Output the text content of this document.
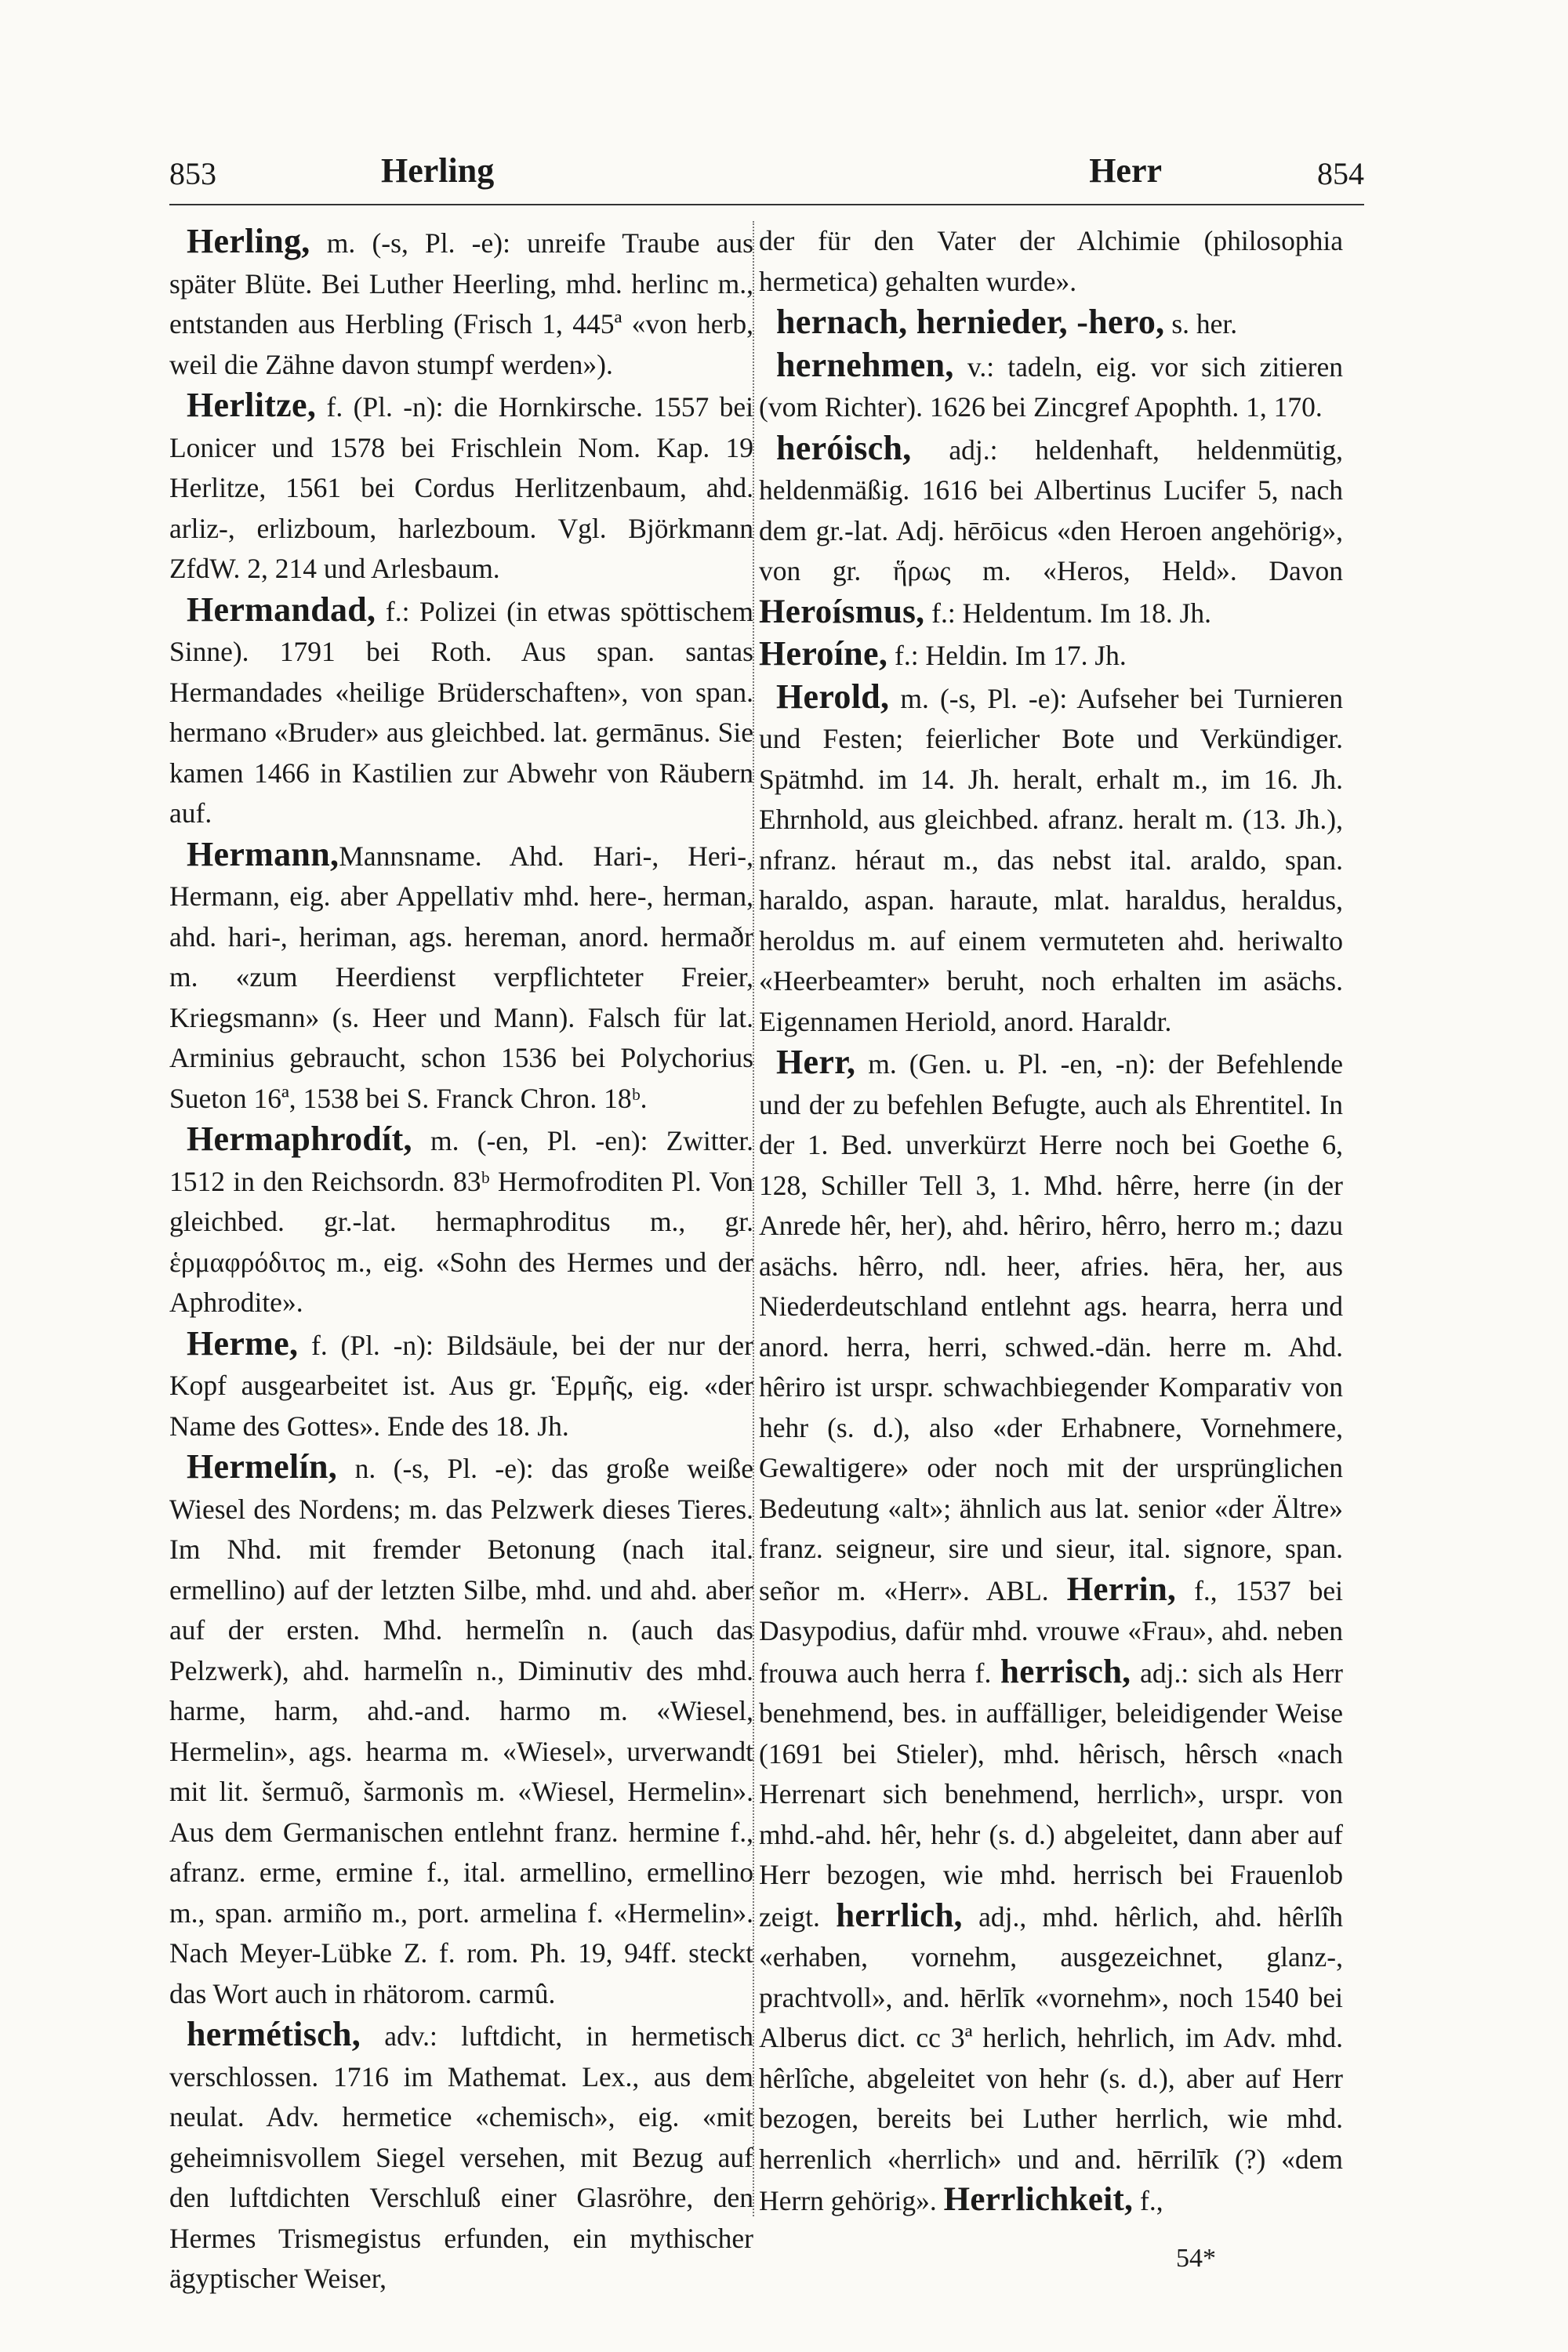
853	Herling	Herr	854

Herling, m. (-s, Pl. -e): unreife Traube aus später Blüte. Bei Luther Heerling, mhd. herlinc m., entstanden aus Herbling (Frisch 1, 445ª «von herb, weil die Zähne davon stumpf werden»).

Herlitze, f. (Pl. -n): die Hornkirsche. 1557 bei Lonicer und 1578 bei Frischlein Nom. Kap. 19 Herlitze, 1561 bei Cordus Herlitzenbaum, ahd. arliz-, erlizboum, harlezboum. Vgl. Björkmann ZfdW. 2, 214 und Arlesbaum.

Hermandad, f.: Polizei (in etwas spöttischem Sinne). 1791 bei Roth. Aus span. santas Hermandades «heilige Brüderschaften», von span. hermano «Bruder» aus gleichbed. lat. germānus. Sie kamen 1466 in Kastilien zur Abwehr von Räubern auf.

Hermann,Mannsname. Ahd. Hari-, Heri-, Hermann, eig. aber Appellativ mhd. here-, herman, ahd. hari-, heriman, ags. hereman, anord. hermaðr m. «zum Heerdienst verpflichteter Freier, Kriegsmann» (s. Heer und Mann). Falsch für lat. Arminius gebraucht, schon 1536 bei Polychorius Sueton 16ª, 1538 bei S. Franck Chron. 18ᵇ.

Hermaphrodít, m. (-en, Pl. -en): Zwitter. 1512 in den Reichsordn. 83ᵇ Hermofroditen Pl. Von gleichbed. gr.-lat. hermaphroditus m., gr. ἑρμαφρόδιτος m., eig. «Sohn des Hermes und der Aphrodite».

Herme, f. (Pl. -n): Bildsäule, bei der nur der Kopf ausgearbeitet ist. Aus gr. Ἑρμῆς, eig. «der Name des Gottes». Ende des 18. Jh.

Hermelín, n. (-s, Pl. -e): das große weiße Wiesel des Nordens; m. das Pelzwerk dieses Tieres. Im Nhd. mit fremder Betonung (nach ital. ermellino) auf der letzten Silbe, mhd. und ahd. aber auf der ersten. Mhd. hermelîn n. (auch das Pelzwerk), ahd. harmelîn n., Diminutiv des mhd. harme, harm, ahd.-and. harmo m. «Wiesel, Hermelin», ags. hearma m. «Wiesel», urverwandt mit lit. šermuõ, šarmonìs m. «Wiesel, Hermelin». Aus dem Germanischen entlehnt franz. hermine f., afranz. erme, ermine f., ital. armellino, ermellino m., span. armiño m., port. armelina f. «Hermelin». Nach Meyer-Lübke Z. f. rom. Ph. 19, 94ff. steckt das Wort auch in rhätorom. carmû.

hermétisch, adv.: luftdicht, in hermetisch verschlossen. 1716 im Mathemat. Lex., aus dem neulat. Adv. hermetice «chemisch», eig. «mit geheimnisvollem Siegel versehen, mit Bezug auf den luftdichten Verschluß einer Glasröhre, den Hermes Trismegistus erfunden, ein mythischer ägyptischer Weiser,

der für den Vater der Alchimie (philosophia hermetica) gehalten wurde».

hernach, hernieder, -hero, s. her.

hernehmen, v.: tadeln, eig. vor sich zitieren (vom Richter). 1626 bei Zincgref Apophth. 1, 170.

heróisch, adj.: heldenhaft, heldenmütig, heldenmäßig. 1616 bei Albertinus Lucifer 5, nach dem gr.-lat. Adj. hērōicus «den Heroen angehörig», von gr. ἥρως m. «Heros, Held». Davon Heroísmus, f.: Heldentum. Im 18. Jh.

Heroíne, f.: Heldin. Im 17. Jh.

Herold, m. (-s, Pl. -e): Aufseher bei Turnieren und Festen; feierlicher Bote und Verkündiger. Spätmhd. im 14. Jh. heralt, erhalt m., im 16. Jh. Ehrnhold, aus gleichbed. afranz. heralt m. (13. Jh.), nfranz. héraut m., das nebst ital. araldo, span. haraldo, aspan. haraute, mlat. haraldus, heraldus, heroldus m. auf einem vermuteten ahd. heriwalto «Heerbeamter» beruht, noch erhalten im asächs. Eigennamen Heriold, anord. Haraldr.

Herr, m. (Gen. u. Pl. -en, -n): der Befehlende und der zu befehlen Befugte, auch als Ehrentitel. In der 1. Bed. unverkürzt Herre noch bei Goethe 6, 128, Schiller Tell 3, 1. Mhd. hêrre, herre (in der Anrede hêr, her), ahd. hêriro, hêrro, herro m.; dazu asächs. hêrro, ndl. heer, afries. hēra, her, aus Niederdeutschland entlehnt ags. hearra, herra und anord. herra, herri, schwed.-dän. herre m. Ahd. hêriro ist urspr. schwachbiegender Komparativ von hehr (s. d.), also «der Erhabnere, Vornehmere, Gewaltigere» oder noch mit der ursprünglichen Bedeutung «alt»; ähnlich aus lat. senior «der Ältre» franz. seigneur, sire und sieur, ital. signore, span. señor m. «Herr». ABL. Herrin, f., 1537 bei Dasypodius, dafür mhd. vrouwe «Frau», ahd. neben frouwa auch herra f. herrisch, adj.: sich als Herr benehmend, bes. in auffälliger, beleidigender Weise (1691 bei Stieler), mhd. hêrisch, hêrsch «nach Herrenart sich benehmend, herrlich», urspr. von mhd.-ahd. hêr, hehr (s. d.) abgeleitet, dann aber auf Herr bezogen, wie mhd. herrisch bei Frauenlob zeigt. herrlich, adj., mhd. hêrlich, ahd. hêrlîh «erhaben, vornehm, ausgezeichnet, glanz-, prachtvoll», and. hērlīk «vornehm», noch 1540 bei Alberus dict. cc 3ª herlich, hehrlich, im Adv. mhd. hêrlîche, abgeleitet von hehr (s. d.), aber auf Herr bezogen, bereits bei Luther herrlich, wie mhd. herrenlich «herrlich» und and. hērrilīk (?) «dem Herrn gehörig». Herrlichkeit, f.,

54*
